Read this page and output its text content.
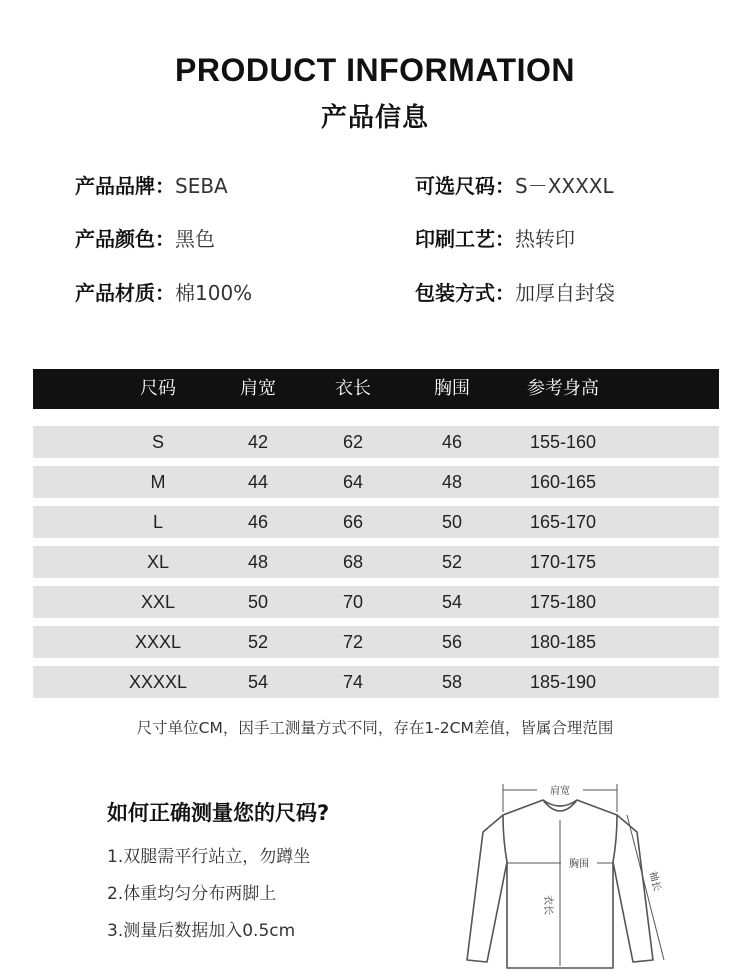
PRODUCT INFORMATION
产品信息
产品品牌：SEBA	可选尺码：S－XXXXL
产品颜色：黑色	印刷工艺：热转印
产品材质：棉100%	包装方式：加厚自封袋
尺码	肩宽	衣长	胸围	参考身高
S	42	62	46	155-160
M	44	64	48	160-165
L	46	66	50	165-170
XL	48	68	52	170-175
XXL	50	70	54	175-180
XXXL	52	72	56	180-185
XXXXL	54	74	58	185-190
尺寸单位CM，因手工测量方式不同，存在1-2CM差值，皆属合理范围
如何正确测量您的尺码?
1.双腿需平行站立，勿蹲坐
2.体重均匀分布两脚上
3.测量后数据加入0.5cm
肩宽
胸围
衣长
袖长
